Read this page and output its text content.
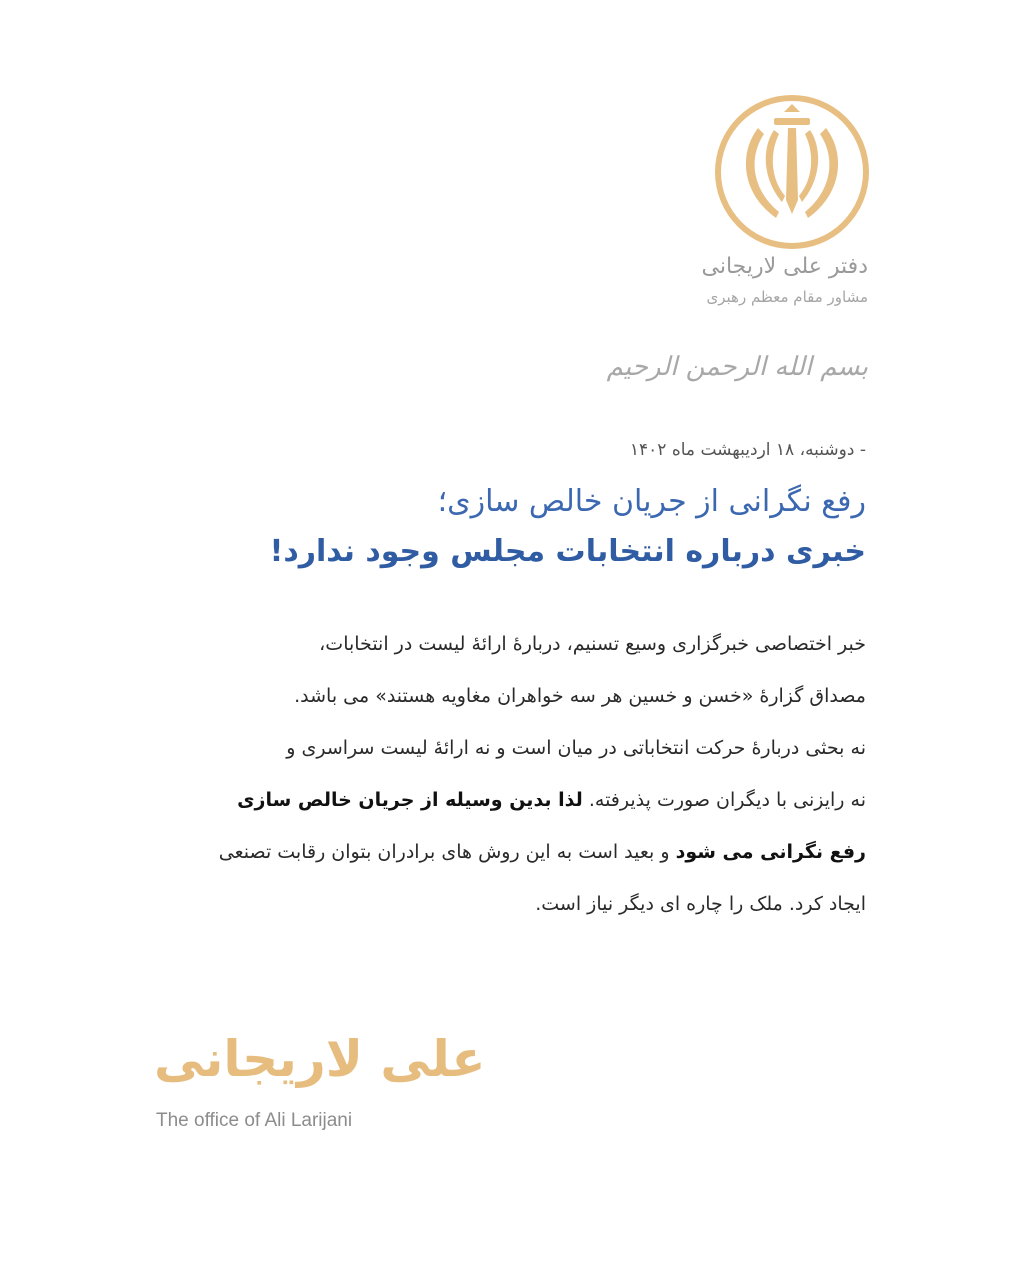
دفتر علی لاریجانی
مشاور مقام معظم رهبری
بسم الله الرحمن الرحیم
- دوشنبه، ۱۸ اردیبهشت ماه ۱۴۰۲
رفع نگرانی از جریان خالص سازی؛
خبری درباره انتخابات مجلس وجود ندارد!
خبر اختصاصی خبرگزاری وسیع تسنیم، دربارهٔ ارائهٔ لیست در انتخابات،
مصداق گزارهٔ «خسن و خسین هر سه خواهران مغاویه هستند» می باشد.
نه بحثی دربارهٔ حرکت انتخاباتی در میان است و نه ارائهٔ لیست سراسری و
نه رایزنی با دیگران صورت پذیرفته. لذا بدین وسیله از جریان خالص سازی
رفع نگرانی می شود و بعید است به این روش های برادران بتوان رقابت تصنعی
ایجاد کرد. ملک را چاره ای دیگر نیاز است.
علی لاریجانی
The office of Ali Larijani
